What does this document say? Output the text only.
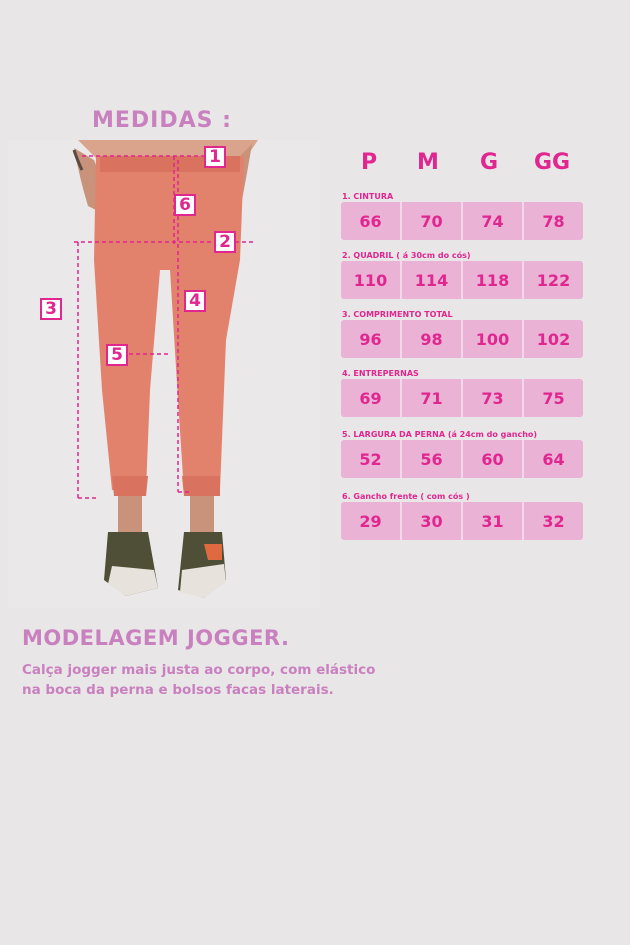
MEDIDAS :
1
2
3	4
5
6
P	M	G	GG
1. CINTURA
66	70	74	78
2. QUADRIL ( á 30cm do cós)
110	114	118	122
3. COMPRIMENTO TOTAL
96	98	100	102
4. ENTREPERNAS
69	71	73	75
5. LARGURA DA PERNA (á 24cm do gancho)
52	56	60	64
6. Gancho frente ( com cós )
29	30	31	32
MODELAGEM JOGGER.
Calça jogger mais justa ao corpo, com elástico
na boca da perna e bolsos facas laterais.
